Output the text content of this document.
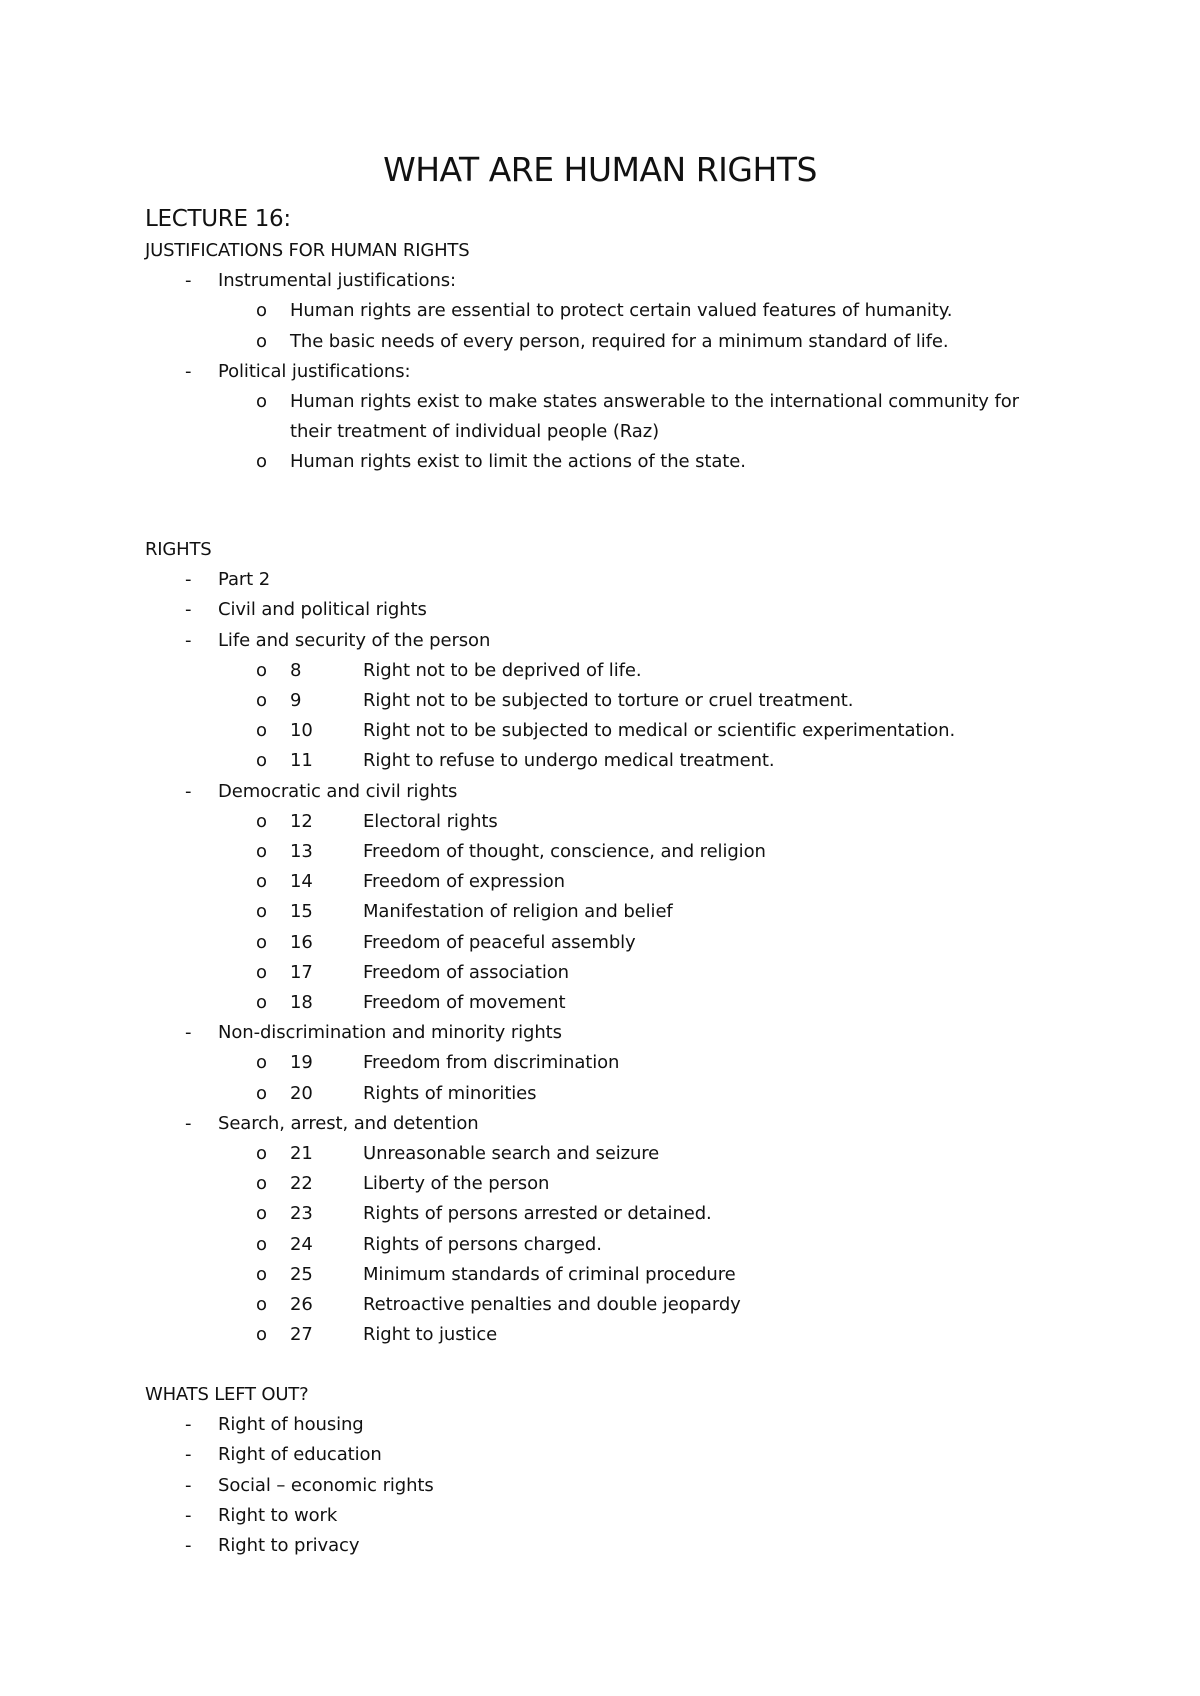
WHAT ARE HUMAN RIGHTS
LECTURE 16:
JUSTIFICATIONS FOR HUMAN RIGHTS
- Instrumental justifications:
o Human rights are essential to protect certain valued features of humanity.
o The basic needs of every person, required for a minimum standard of life.
- Political justifications:
o Human rights exist to make states answerable to the international community for
their treatment of individual people (Raz)
o Human rights exist to limit the actions of the state.
RIGHTS
- Part 2
- Civil and political rights
- Life and security of the person
o 8	Right not to be deprived of life.
o 9	Right not to be subjected to torture or cruel treatment.
o 10	Right not to be subjected to medical or scientific experimentation.
o 11	Right to refuse to undergo medical treatment.
- Democratic and civil rights
o 12	Electoral rights
o 13	Freedom of thought, conscience, and religion
o 14	Freedom of expression
o 15	Manifestation of religion and belief
o 16	Freedom of peaceful assembly
o 17	Freedom of association
o 18	Freedom of movement
- Non-discrimination and minority rights
o 19	Freedom from discrimination
o 20	Rights of minorities
- Search, arrest, and detention
o 21	Unreasonable search and seizure
o 22	Liberty of the person
o 23	Rights of persons arrested or detained.
o 24	Rights of persons charged.
o 25	Minimum standards of criminal procedure
o 26	Retroactive penalties and double jeopardy
o 27	Right to justice
WHATS LEFT OUT?
- Right of housing
- Right of education
- Social – economic rights
- Right to work
- Right to privacy
